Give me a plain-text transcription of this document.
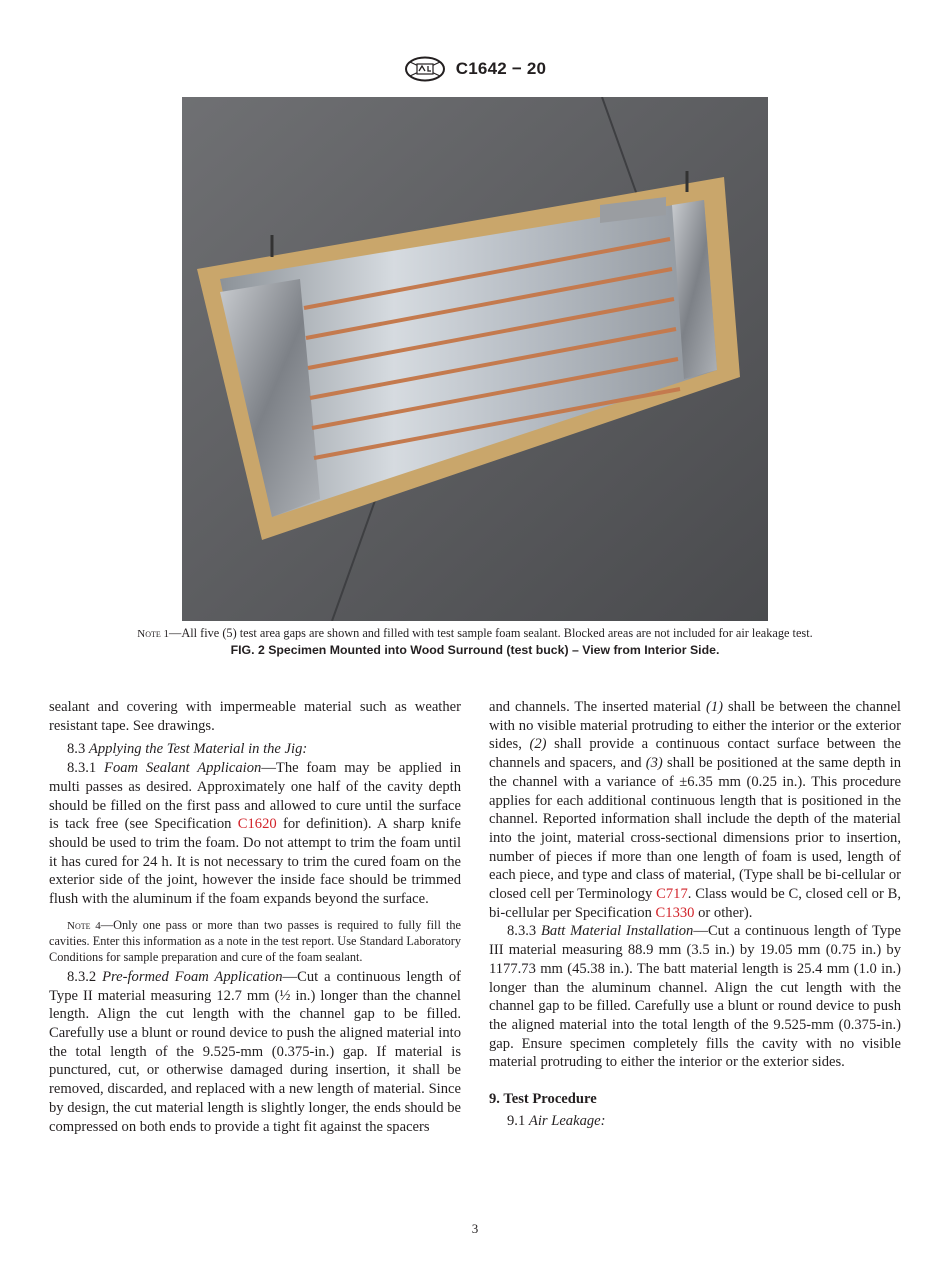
C1642 − 20
Note 1—All five (5) test area gaps are shown and filled with test sample foam sealant. Blocked areas are not included for air leakage test.
FIG. 2 Specimen Mounted into Wood Surround (test buck) – View from Interior Side.

sealant and covering with impermeable material such as weather resistant tape. See drawings.

8.3 Applying the Test Material in the Jig:

8.3.1 Foam Sealant Applicaion—The foam may be applied in multi passes as desired. Approximately one half of the cavity depth should be filled on the first pass and allowed to cure until the surface is tack free (see Specification C1620 for definition). A sharp knife should be used to trim the foam. Do not attempt to trim the foam until it has cured for 24 h. It is not necessary to trim the cured foam on the exterior side of the joint, however the inside face should be trimmed flush with the aluminum if the foam expands beyond the surface.

Note 4—Only one pass or more than two passes is required to fully fill the cavities. Enter this information as a note in the test report. Use Standard Laboratory Conditions for sample preparation and cure of the foam sealant.

8.3.2 Pre-formed Foam Application—Cut a continuous length of Type II material measuring 12.7 mm (½ in.) longer than the channel length. Align the cut length with the channel gap to be filled. Carefully use a blunt or round device to push the aligned material into the total length of the 9.525-mm (0.375-in.) gap. If material is punctured, cut, or otherwise damaged during insertion, it shall be removed, discarded, and replaced with a new length of material. Since by design, the cut material length is slightly longer, the ends should be compressed on both ends to provide a tight fit against the spacers

and channels. The inserted material (1) shall be between the channel with no visible material protruding to either the interior or the exterior sides, (2) shall provide a continuous contact surface between the channels and spacers, and (3) shall be positioned at the same depth in the channel with a variance of ±6.35 mm (0.25 in.). This procedure applies for each additional continuous length that is positioned in the channel. Reported information shall include the depth of the material into the joint, material cross-sectional dimensions prior to insertion, number of pieces if more than one length of foam is used, length of each piece, and type and class of material, (Type shall be bi-cellular or closed cell per Terminology C717. Class would be C, closed cell or B, bi-cellular per Specification C1330 or other).

8.3.3 Batt Material Installation—Cut a continuous length of Type III material measuring 88.9 mm (3.5 in.) by 19.05 mm (0.75 in.) by 1177.73 mm (45.38 in.). The batt material length is 25.4 mm (1.0 in.) longer than the aluminum channel. Align the cut length with the channel gap to be filled. Carefully use a blunt or round device to push the aligned material into the total length of the 9.525-mm (0.375-in.) gap. Ensure specimen completely fills the cavity with no visible material protruding to either the interior or the exterior sides.

9. Test Procedure

9.1 Air Leakage:

3
